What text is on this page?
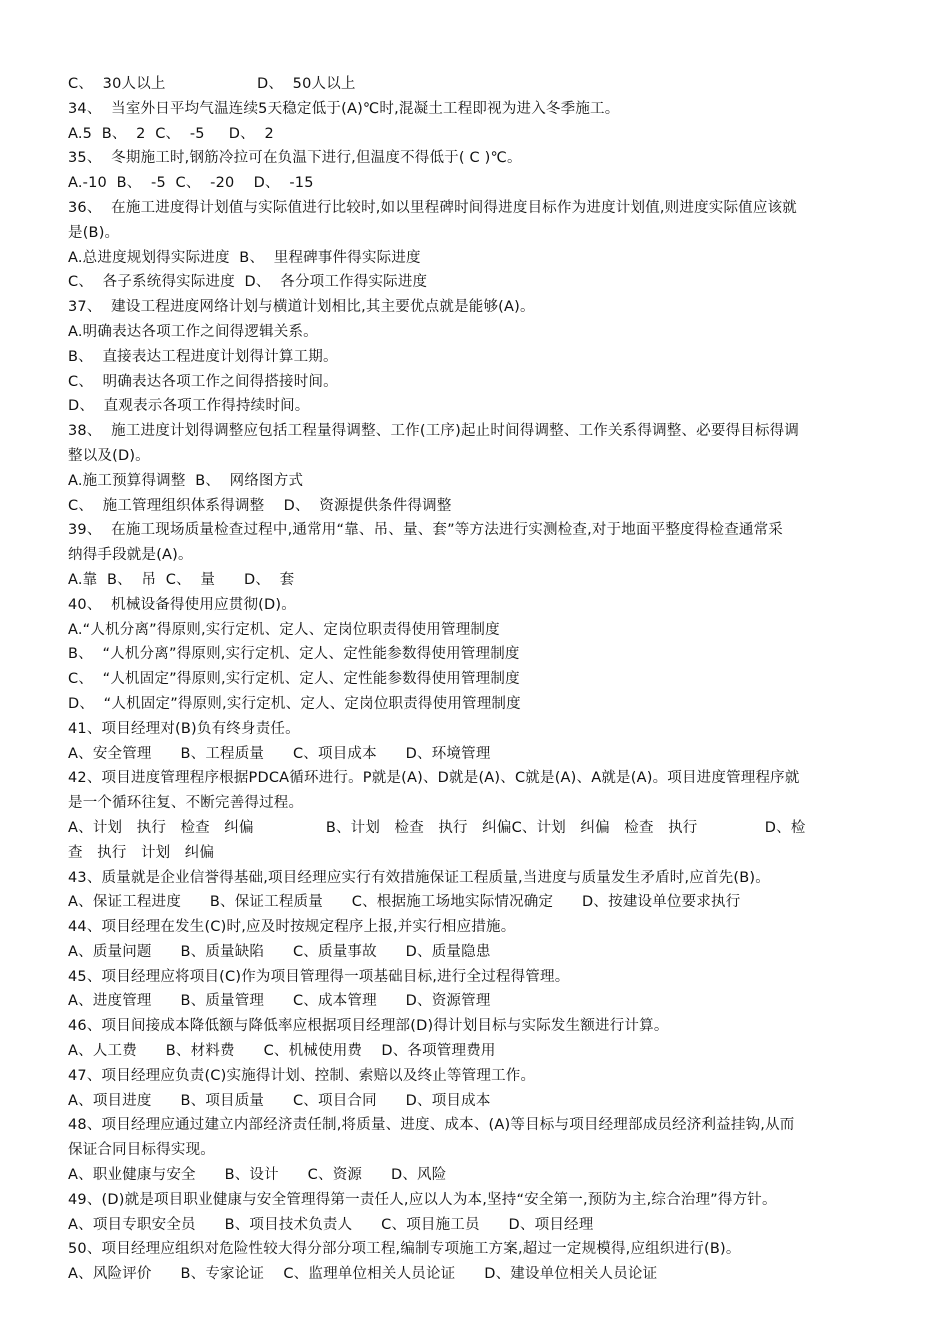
C、  30人以上                   D、  50人以上
34、  当室外日平均气温连续5天稳定低于(A)℃时,混凝土工程即视为进入冬季施工。
A.5  B、  2  C、  -5     D、  2
35、  冬期施工时,钢筋冷拉可在负温下进行,但温度不得低于( C )℃。
A.-10  B、  -5  C、  -20    D、  -15
36、  在施工进度得计划值与实际值进行比较时,如以里程碑时间得进度目标作为进度计划值,则进度实际值应该就
是(B)。
A.总进度规划得实际进度  B、  里程碑事件得实际进度
C、  各子系统得实际进度  D、  各分项工作得实际进度
37、  建设工程进度网络计划与横道计划相比,其主要优点就是能够(A)。
A.明确表达各项工作之间得逻辑关系。
B、  直接表达工程进度计划得计算工期。
C、  明确表达各项工作之间得搭接时间。
D、  直观表示各项工作得持续时间。
38、  施工进度计划得调整应包括工程量得调整、工作(工序)起止时间得调整、工作关系得调整、必要得目标得调
整以及(D)。
A.施工预算得调整  B、  网络图方式
C、  施工管理组织体系得调整    D、  资源提供条件得调整
39、  在施工现场质量检查过程中,通常用“靠、吊、量、套”等方法进行实测检查,对于地面平整度得检查通常采
纳得手段就是(A)。
A.靠  B、  吊  C、  量      D、  套
40、  机械设备得使用应贯彻(D)。
A.“人机分离”得原则,实行定机、定人、定岗位职责得使用管理制度
B、  “人机分离”得原则,实行定机、定人、定性能参数得使用管理制度
C、  “人机固定”得原则,实行定机、定人、定性能参数得使用管理制度
D、  “人机固定”得原则,实行定机、定人、定岗位职责得使用管理制度
41、项目经理对(B)负有终身责任。
A、安全管理      B、工程质量      C、项目成本      D、环境管理
42、项目进度管理程序根据PDCA循环进行。P就是(A)、D就是(A)、C就是(A)、A就是(A)。项目进度管理程序就
是一个循环往复、不断完善得过程。
A、计划   执行   检查   纠偏               B、计划   检查   执行   纠偏C、计划   纠偏   检查   执行              D、检
查   执行   计划   纠偏
43、质量就是企业信誉得基础,项目经理应实行有效措施保证工程质量,当进度与质量发生矛盾时,应首先(B)。
A、保证工程进度      B、保证工程质量      C、根据施工场地实际情况确定      D、按建设单位要求执行
44、项目经理在发生(C)时,应及时按规定程序上报,并实行相应措施。
A、质量问题      B、质量缺陷      C、质量事故      D、质量隐患
45、项目经理应将项目(C)作为项目管理得一项基础目标,进行全过程得管理。
A、进度管理      B、质量管理      C、成本管理      D、资源管理
46、项目间接成本降低额与降低率应根据项目经理部(D)得计划目标与实际发生额进行计算。
A、人工费      B、材料费      C、机械使用费    D、各项管理费用
47、项目经理应负责(C)实施得计划、控制、索赔以及终止等管理工作。
A、项目进度      B、项目质量      C、项目合同      D、项目成本
48、项目经理应通过建立内部经济责任制,将质量、进度、成本、(A)等目标与项目经理部成员经济利益挂钩,从而
保证合同目标得实现。
A、职业健康与安全      B、设计      C、资源      D、风险
49、(D)就是项目职业健康与安全管理得第一责任人,应以人为本,坚持“安全第一,预防为主,综合治理”得方针。
A、项目专职安全员      B、项目技术负责人      C、项目施工员      D、项目经理
50、项目经理应组织对危险性较大得分部分项工程,编制专项施工方案,超过一定规模得,应组织进行(B)。
A、风险评价      B、专家论证    C、监理单位相关人员论证      D、建设单位相关人员论证
